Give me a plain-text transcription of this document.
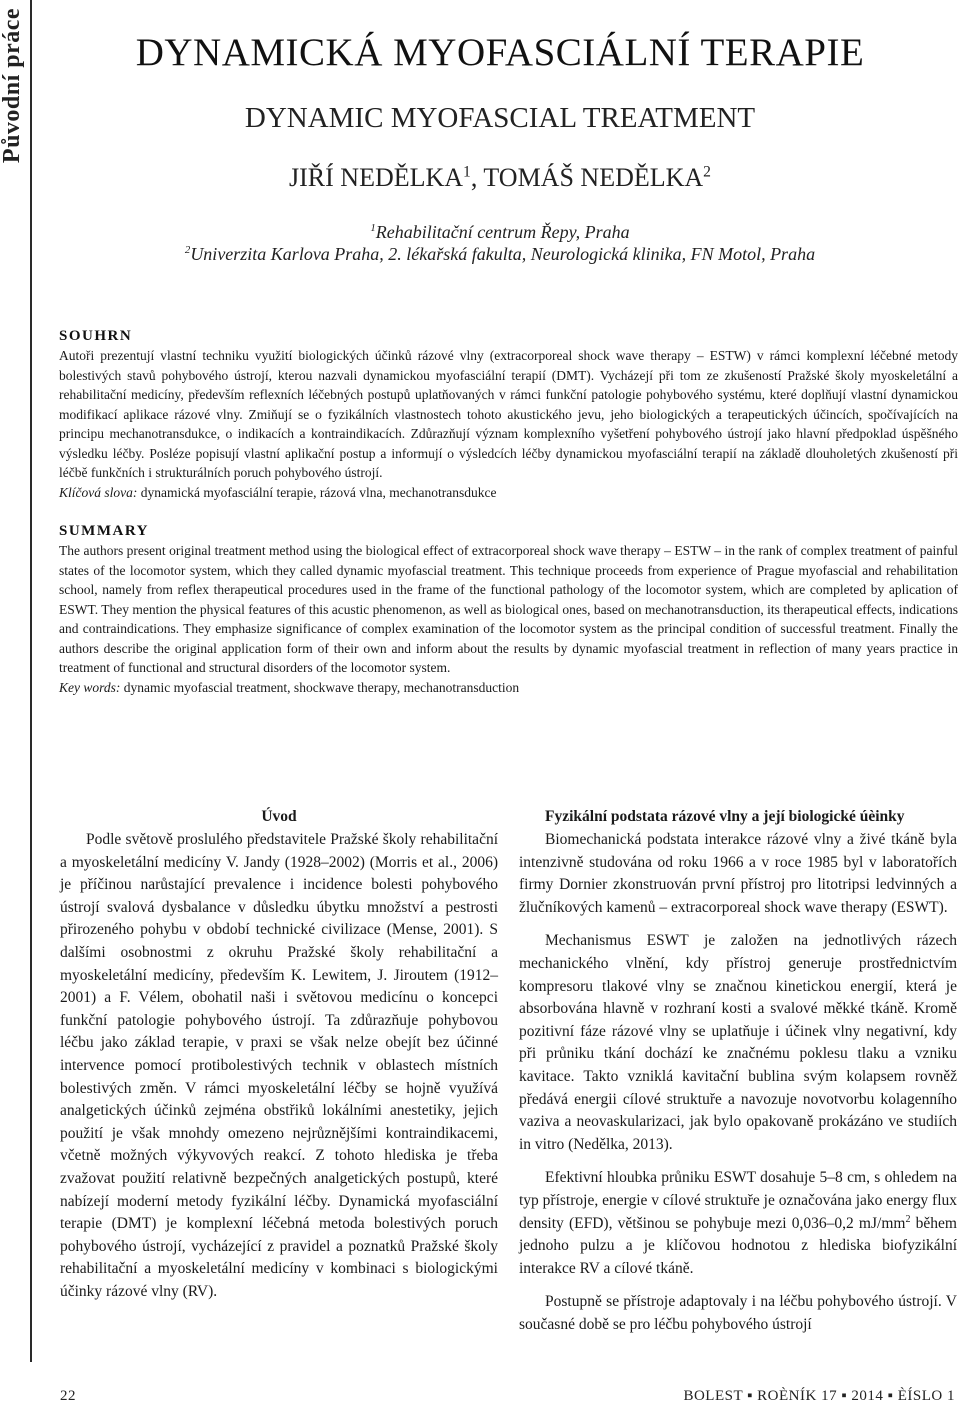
Původní práce	DYNAMICKÁ MYOFASCIÁLNÍ TERAPIE
DYNAMIC MYOFASCIAL TREATMENT
JIŘÍ NEDĚLKA$^1$, TOMÁŠ NEDĚLKA$^2$
$^1$Rehabilitační centrum Řepy, Praha
$^2$Univerzita Karlova Praha, 2. lékařská fakulta, Neurologická klinika, FN Motol, Praha
SOUHRN

Autoři prezentují vlastní techniku využití biologických účinků rázové vlny (extracorporeal shock wave therapy – ESTW) v rámci komplexní léčebné metody bolestivých stavů pohybového ústrojí, kterou nazvali dynamickou myofasciální terapií (DMT). Vycházejí při tom ze zkušeností Pražské školy myoskeletální a rehabilitační medicíny, především reflexních léčebných postupů uplatňovaných v rámci funkční patologie pohybového systému, které doplňují vlastní dynamickou modifikací aplikace rázové vlny. Zmiňují se o fyzikálních vlastnostech tohoto akustického jevu, jeho biologických a terapeutických účincích, spočívajících na principu mechanotransdukce, o indikacích a kontraindikacích. Zdůrazňují význam komplexního vyšetření pohybového ústrojí jako hlavní předpoklad úspěšného výsledku léčby. Posléze popisují vlastní aplikační postup a informují o výsledcích léčby dynamickou myofasciální terapií na základě dlouholetých zkušeností při léčbě funkčních i strukturálních poruch pohybového ústrojí.

Klíčová slova: dynamická myofasciální terapie, rázová vlna, mechanotransdukce

SUMMARY

The authors present original treatment method using the biological effect of extracorporeal shock wave therapy – ESTW – in the rank of complex treatment of painful states of the locomotor system, which they called dynamic myofascial treatment. This technique proceeds from experience of Prague myofascial and rehabilitation school, namely from reflex therapeutical procedures used in the frame of the functional pathology of the locomotor system, which are completed by aplication of ESWT. They mention the physical features of this acustic phenomenon, as well as biological ones, based on mechanotransduction, its therapeutical effects, indications and contraindications. They emphasize significance of complex examination of the locomotor system as the principal condition of successful treatment. Finally the authors describe the original application form of their own and inform about the results by dynamic myofascial treatment in reflection of many years practice in treatment of functional and structural disorders of the locomotor system.

Key words: dynamic myofascial treatment, shockwave therapy, mechanotransduction

Úvod

Podle světově proslulého představitele Pražské školy rehabilitační a myoskeletální medicíny V. Jandy (1928–2002) (Morris et al., 2006) je příčinou narůstající prevalence i incidence bolesti pohybového ústrojí svalová dysbalance v důsledku úbytku množství a pestrosti přirozeného pohybu v období technické civilizace (Mense, 2001). S dalšími osobnostmi z okruhu Pražské školy rehabilitační a myoskeletální medicíny, především K. Lewitem, J. Jiroutem (1912–2001) a F. Vélem, obohatil naši i světovou medicínu o koncepci funkční patologie pohybového ústrojí. Ta zdůrazňuje pohybovou léčbu jako základ terapie, v praxi se však nelze obejít bez účinné intervence pomocí protibolestivých technik v oblastech místních bolestivých změn. V rámci myoskeletální léčby se hojně využívá analgetických účinků zejména obstřiků lokálními anestetiky, jejich použití je však mnohdy omezeno nejrůznějšími kontraindikacemi, včetně možných výkyvových reakcí. Z tohoto hlediska je třeba zvažovat použití relativně bezpečných analgetických postupů, které nabízejí moderní metody fyzikální léčby. Dynamická myofasciální terapie (DMT) je komplexní léčebná metoda bolestivých poruch pohybového ústrojí, vycházející z pravidel a poznatků Pražské školy rehabilitační a myoskeletální medicíny v kombinaci s biologickými účinky rázové vlny (RV).

Fyzikální podstata rázové vlny a její biologické úèinky

Biomechanická podstata interakce rázové vlny a živé tkáně byla intenzivně studována od roku 1966 a v roce 1985 byl v laboratořích firmy Dornier zkonstruován první přístroj pro litotripsi ledvinných a žlučníkových kamenů – extracorporeal shock wave therapy (ESWT).

Mechanismus ESWT je založen na jednotlivých rázech mechanického vlnění, kdy přístroj generuje prostřednictvím kompresoru tlakové vlny se značnou kinetickou energií, která je absorbována hlavně v rozhraní kosti a svalové měkké tkáně. Kromě pozitivní fáze rázové vlny se uplatňuje i účinek vlny negativní, kdy při průniku tkání dochází ke značnému poklesu tlaku a vzniku kavitace. Takto vzniklá kavitační bublina svým kolapsem rovněž předává energii cílové struktuře a navozuje novotvorbu kolagenního vaziva a neovaskularizaci, jak bylo opakovaně prokázáno ve studiích in vitro (Nedělka, 2013).

Efektivní hloubka průniku ESWT dosahuje 5–8 cm, s ohledem na typ přístroje, energie v cílové struktuře je označována jako energy flux density (EFD), většinou se pohybuje mezi 0,036–0,2 $mJ/mm^2$ během jednoho pulzu a je klíčovou hodnotou z hlediska biofyzikální interakce RV a cílové tkáně.

Postupně se přístroje adaptovaly i na léčbu pohybového ústrojí. V současné době se pro léčbu pohybového ústrojí

22	BOLEST ▪ ROÈNÍK 17 ▪ 2014 ▪ ÈÍSLO 1
